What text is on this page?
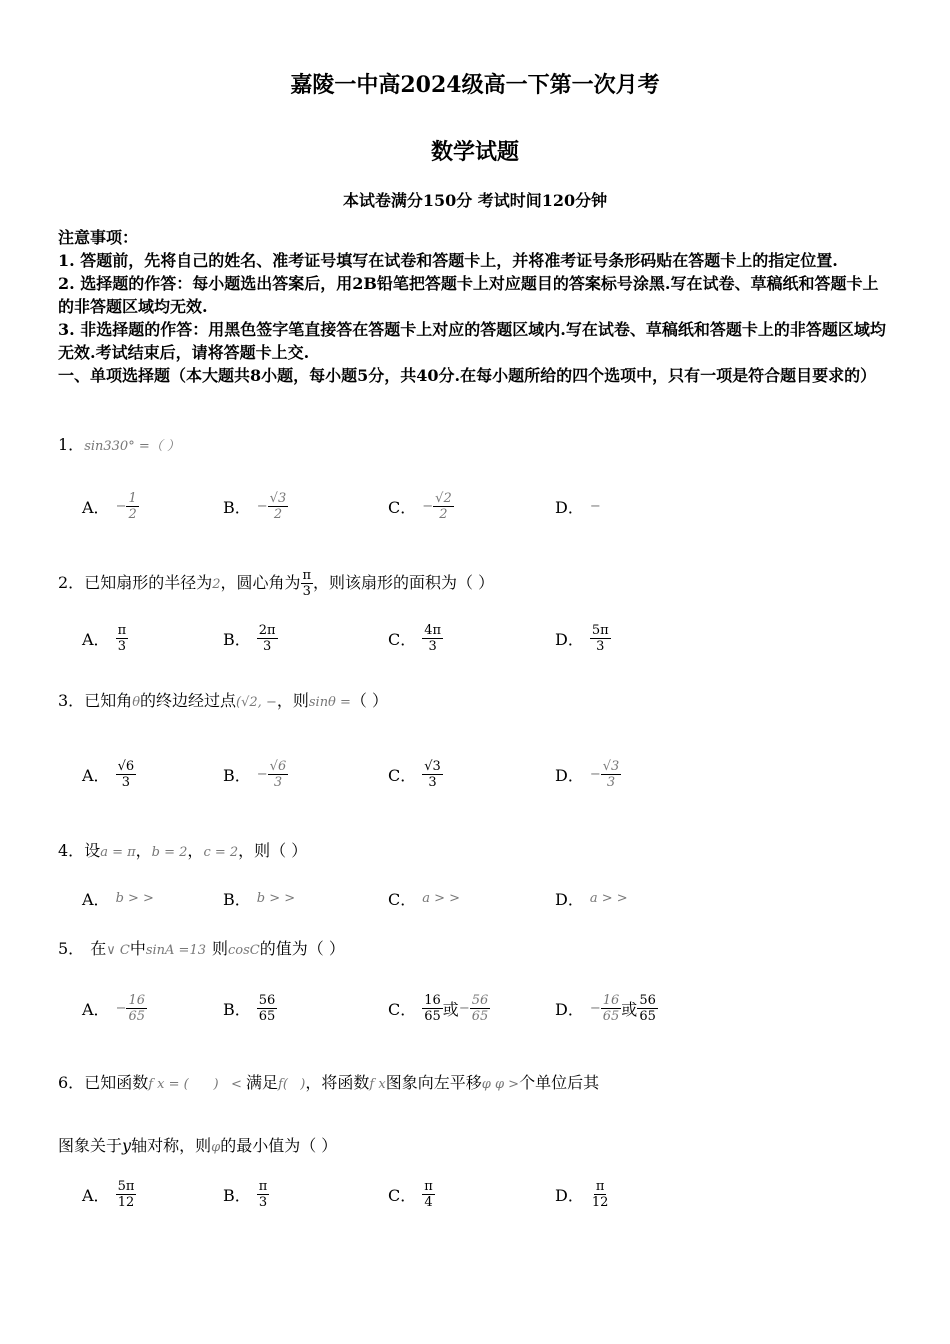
嘉陵一中高2024级高一下第一次月考
数学试题
本试卷满分150分 考试时间120分钟

注意事项：

1. 答题前，先将自己的姓名、准考证号填写在试卷和答题卡上，并将准考证号条形码贴在答题卡上的指定位置.

2. 选择题的作答：每小题选出答案后，用2B铅笔把答题卡上对应题目的答案标号涂黑.写在试卷、草稿纸和答题卡上的非答题区域均无效.

3. 非选择题的作答：用黑色签字笔直接答在答题卡上对应的答题区域内.写在试卷、草稿纸和答题卡上的非答题区域均无效.考试结束后，请将答题卡上交.

一、单项选择题（本大题共8小题，每小题5分，共40分.在每小题所给的四个选项中，只有一项是符合题目要求的）

1．sin330° =（ ）
A． − $\frac{1}{2}$	B． − $\frac{√3}{2}$	C． − $\frac{√2}{2}$	D． −
2．已知扇形的半径为2，圆心角为 $\frac{\pi}{3}$ ，则该扇形的面积为（ ）
A． $\frac{\pi}{3}$	B． $\frac{2\pi}{3}$	C． $\frac{4\pi}{3}$	D． $\frac{5\pi}{3}$
3．已知角θ的终边经过点(√2, −，则sinθ =（ ）
A． $\frac{√6}{3}$	B． − $\frac{√6}{3}$	C． $\frac{√3}{3}$	D． − $\frac{√3}{3}$
4．设a = π，b = 2，c = 2，则（ ）
A． b > >	B． b > >	C． a > >	D． a > >
5． 在∨ C中sinA =13 则cosC的值为（ ）
A． − $\frac{16}{65}$	B． $\frac{56}{65}$	C． $\frac{16}{65}$ 或 − $\frac{56}{65}$	D． − $\frac{16}{65}$ 或 $\frac{56}{65}$
6．已知函数f x = (      )   < 满足f(   )，将函数f x图象向左平移φ φ >个单位后其
图象关于y轴对称，则φ的最小值为（ ）
A． $\frac{5\pi}{12}$	B． $\frac{\pi}{3}$	C． $\frac{\pi}{4}$	D． $\frac{\pi}{12}$
